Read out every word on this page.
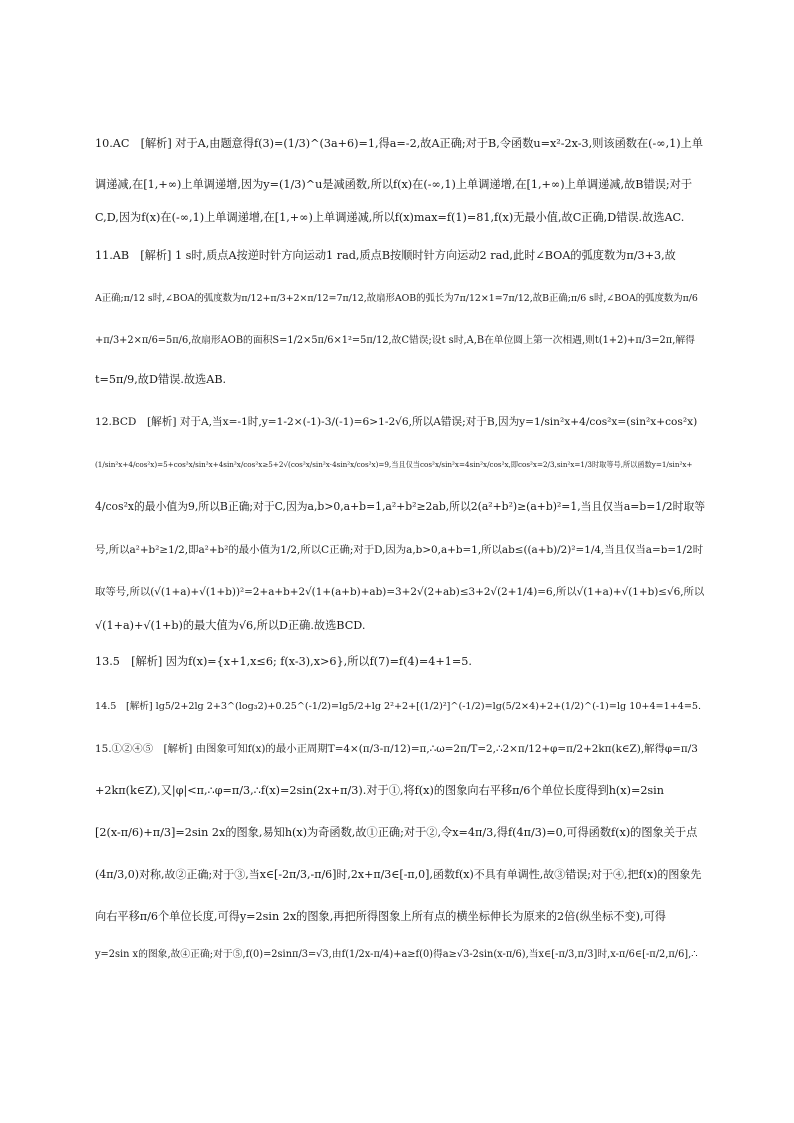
10.AC　[解析] 对于A,由题意得f(3)=(1/3)^(3a+6)=1,得a=-2,故A正确;对于B,令函数u=x²-2x-3,则该函数在(-∞,1)上单
调递减,在[1,+∞)上单调递增,因为y=(1/3)^u是减函数,所以f(x)在(-∞,1)上单调递增,在[1,+∞)上单调递减,故B错误;对于
C,D,因为f(x)在(-∞,1)上单调递增,在[1,+∞)上单调递减,所以f(x)max=f(1)=81,f(x)无最小值,故C正确,D错误.故选AC.
11.AB　[解析] 1 s时,质点A按逆时针方向运动1 rad,质点B按顺时针方向运动2 rad,此时∠BOA的弧度数为π/3+3,故
A正确;π/12 s时,∠BOA的弧度数为π/12+π/3+2×π/12=7π/12,故扇形AOB的弧长为7π/12×1=7π/12,故B正确;π/6 s时,∠BOA的弧度数为π/6
+π/3+2×π/6=5π/6,故扇形AOB的面积S=1/2×5π/6×1²=5π/12,故C错误;设t s时,A,B在单位圆上第一次相遇,则t(1+2)+π/3=2π,解得
t=5π/9,故D错误.故选AB.
12.BCD　[解析] 对于A,当x=-1时,y=1-2×(-1)-3/(-1)=6>1-2√6,所以A错误;对于B,因为y=1/sin²x+4/cos²x=(sin²x+cos²x)
(1/sin²x+4/cos²x)=5+cos²x/sin²x+4sin²x/cos²x≥5+2√(cos²x/sin²x·4sin²x/cos²x)=9,当且仅当cos²x/sin²x=4sin²x/cos²x,即cos²x=2/3,sin²x=1/3时取等号,所以函数y=1/sin²x+
4/cos²x的最小值为9,所以B正确;对于C,因为a,b>0,a+b=1,a²+b²≥2ab,所以2(a²+b²)≥(a+b)²=1,当且仅当a=b=1/2时取等
号,所以a²+b²≥1/2,即a²+b²的最小值为1/2,所以C正确;对于D,因为a,b>0,a+b=1,所以ab≤((a+b)/2)²=1/4,当且仅当a=b=1/2时
取等号,所以(√(1+a)+√(1+b))²=2+a+b+2√(1+(a+b)+ab)=3+2√(2+ab)≤3+2√(2+1/4)=6,所以√(1+a)+√(1+b)≤√6,所以
√(1+a)+√(1+b)的最大值为√6,所以D正确.故选BCD.
13.5　[解析] 因为f(x)={x+1,x≤6; f(x-3),x>6},所以f(7)=f(4)=4+1=5.
14.5　[解析] lg5/2+2lg 2+3^(log₃2)+0.25^(-1/2)=lg5/2+lg 2²+2+[(1/2)²]^(-1/2)=lg(5/2×4)+2+(1/2)^(-1)=lg 10+4=1+4=5.
15.①②④⑤　[解析] 由图象可知f(x)的最小正周期T=4×(π/3-π/12)=π,∴ω=2π/T=2,∴2×π/12+φ=π/2+2kπ(k∈Z),解得φ=π/3
+2kπ(k∈Z),又|φ|<π,∴φ=π/3,∴f(x)=2sin(2x+π/3).对于①,将f(x)的图象向右平移π/6个单位长度得到h(x)=2sin
[2(x-π/6)+π/3]=2sin 2x的图象,易知h(x)为奇函数,故①正确;对于②,令x=4π/3,得f(4π/3)=0,可得函数f(x)的图象关于点
(4π/3,0)对称,故②正确;对于③,当x∈[-2π/3,-π/6]时,2x+π/3∈[-π,0],函数f(x)不具有单调性,故③错误;对于④,把f(x)的图象先
向右平移π/6个单位长度,可得y=2sin 2x的图象,再把所得图象上所有点的横坐标伸长为原来的2倍(纵坐标不变),可得
y=2sin x的图象,故④正确;对于⑤,f(0)=2sinπ/3=√3,由f(1/2x-π/4)+a≥f(0)得a≥√3-2sin(x-π/6),当x∈[-π/3,π/3]时,x-π/6∈[-π/2,π/6],∴
